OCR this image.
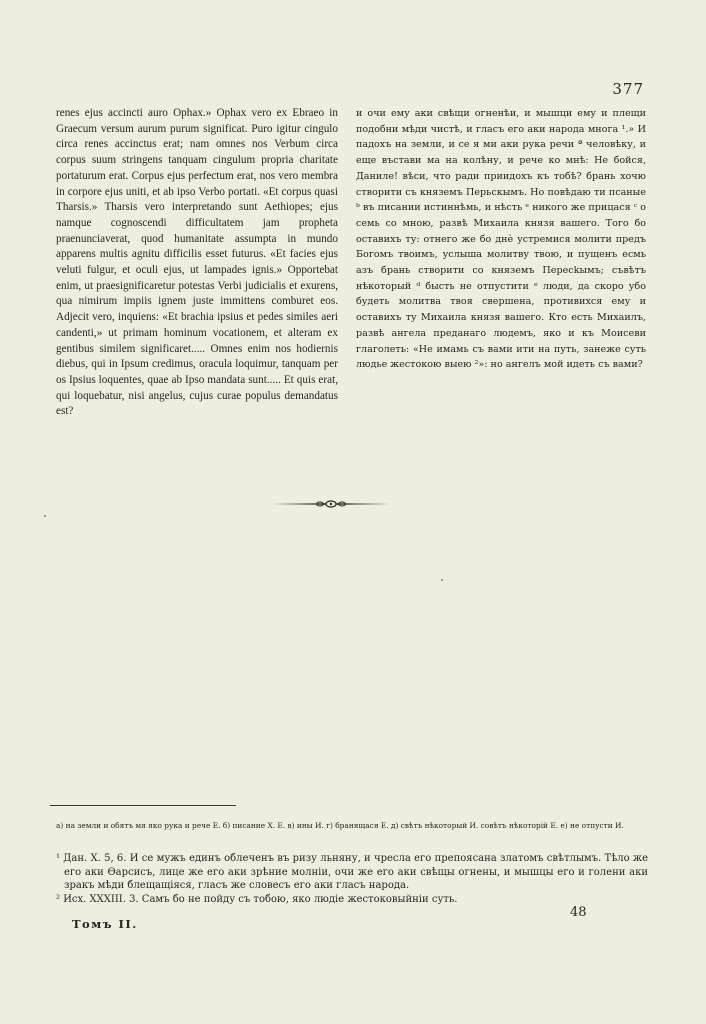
377
renes ejus accincti auro Ophax.» Ophax vero ex Ebraeo in Graecum versum aurum purum significat. Puro igitur cingulo circa renes accinctus erat; nam omnes nos Verbum circa corpus suum stringens tanquam cingulum propria charitate portaturum erat. Corpus ejus perfectum erat, nos vero membra in corpore ejus uniti, et ab ipso Verbo portati. «Et corpus quasi Tharsis.» Tharsis vero interpretando sunt Aethiopes; ejus namque cognoscendi difficultatem jam propheta praenunciaverat, quod humanitate assumpta in mundo apparens multis agnitu difficilis esset futurus. «Et facies ejus veluti fulgur, et oculi ejus, ut lampades ignis.» Opportebat enim, ut praesignificaretur potestas Verbi judicialis et exurens, qua nimirum impiis ignem juste immittens comburet eos. Adjecit vero, inquiens: «Et brachia ipsius et pedes similes aeri candenti,» ut primam hominum vocationem, et alteram ex gentibus similem significaret..... Omnes enim nos hodiernis diebus, qui in Ipsum credimus, oracula loquimur, tanquam per os Ipsius loquentes, quae ab Ipso mandata sunt..... Et quis erat, qui loquebatur, nisi angelus, cujus curae populus demandatus est?
и очи ему аки свѣщи огненѣи, и мышци ему и плещи подобни мѣди чистѣ, и гласъ его аки народа многа ¹.» И падохъ на земли, и се я ми аки рука речи ª человѣку, и еще въстави ма на колѣну, и рече ко мнѣ: Не бойся, Даниле! вѣси, что ради приидохъ къ тобѣ? брань хочю створити съ княземъ Перьскымъ. Но повѣдаю ти псаные ᵇ въ писании истиннѣмь, и нѣсть ᵉ никого же прицася ᶜ о семь со мною, развѣ Михаила князя вашего. Того бо оставихъ ту: отнего же бо днѐ устремися молити предъ Богомъ твоимъ, услыша молитву твою, и пущенъ есмь азъ брань створити со княземъ Пересkымъ; съвѣтъ нѣкоторый ᵈ бысть не отпустити ᵉ люди, да скоро убо будеть молитва твоя свершена, противихся ему и оставихъ ту Михаила князя вашего. Кто есть Михаилъ, развѣ ангела преданаго людемъ, яко и къ Моисеви глаголеть: «Не имамь съ вами ити на путь, занеже суть людье жестокою выею ²»: но ангелъ мой идеть съ вами?
а) на земли и обятъ мя яко рука и рече Е. б) писание Х. Е. в) ины И. г) бранящася Е. д) свѣтъ нѣкоторый И. совѣтъ нѣкоторій Е. е) не отпусти И.

¹ Дан. X. 5, 6. И се мужъ единъ облеченъ въ ризу льняну, и чресла его препоясана златомъ свѣтлымъ. Тѣло же его аки Ѳарсисъ, лице же его аки зрѣние молніи, очи же его аки свѣщы огнены, и мышцы его и голени аки зракъ мѣди блещащіяся, гласъ же словесъ его аки гласъ народа.

² Исх. XXXIII. 3. Самъ бо не пойду съ тобою, яко людіе жестоковыйніи суть.

Томъ II.
48
